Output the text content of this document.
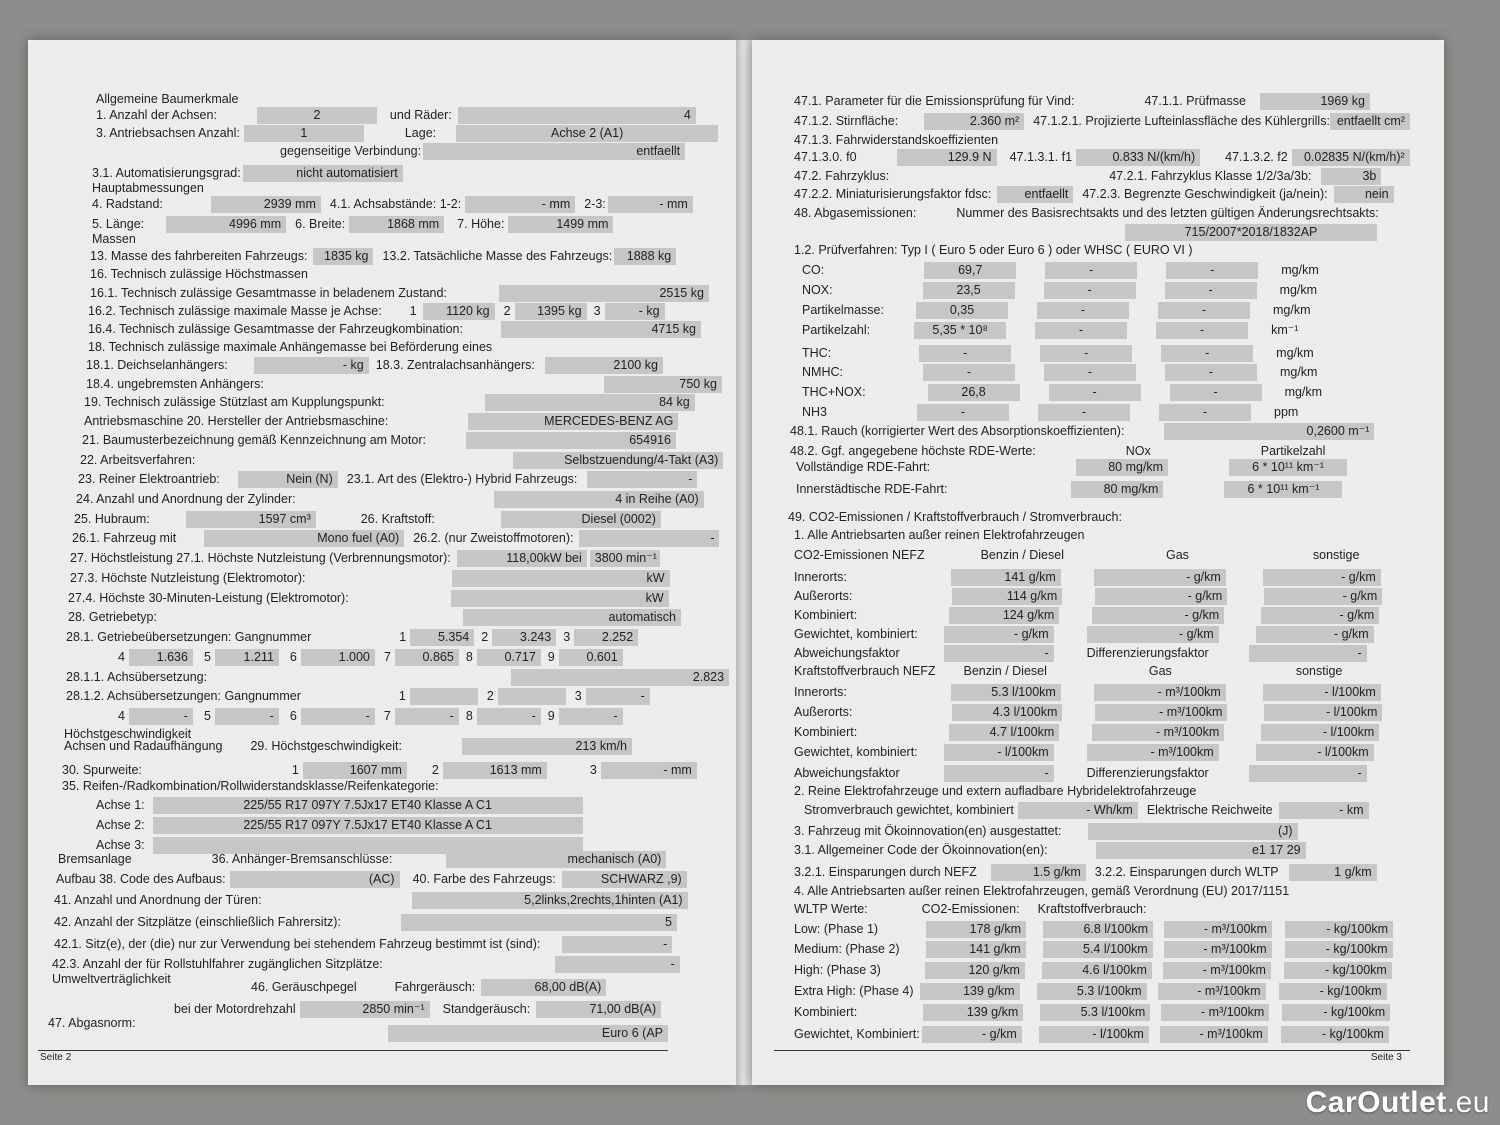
Seite 2
Allgemeine Baumerkmale
1. Anzahl der Achsen:	2	und Räder:	4
3. Antriebsachsen Anzahl:	1	Lage:	Achse 2 (A1)
gegenseitige Verbindung:	entfaellt
3.1. Automatisierungsgrad:	nicht automatisiert
Hauptabmessungen
4. Radstand:	2939 mm 4.1. Achsabstände: 1-2:	- mm 2-3:	- mm
5. Länge:	4996 mm 6. Breite:	1868 mm 7. Höhe:	1499 mm
Massen
13. Masse des fahrbereiten Fahrzeugs: 1835 kg 13.2. Tatsächliche Masse des Fahrzeugs: 1888 kg
16. Technisch zulässige Höchstmassen
16.1. Technisch zulässige Gesamtmasse in beladenem Zustand:	2515 kg
16.2. Technisch zulässige maximale Masse je Achse: 1 1120 kg 2 1395 kg 3	- kg
16.4. Technisch zulässige Gesamtmasse der Fahrzeugkombination:	4715 kg
18. Technisch zulässige maximale Anhängemasse bei Beförderung eines
18.1. Deichselanhängers:	- kg 18.3. Zentralachsanhängers:	2100 kg
18.4. ungebremsten Anhängers:	750 kg
19. Technisch zulässige Stützlast am Kupplungspunkt:	84 kg
Antriebsmaschine 20. Hersteller der Antriebsmaschine:	MERCEDES-BENZ AG
21. Baumusterbezeichnung gemäß Kennzeichnung am Motor:	654916
22. Arbeitsverfahren:	Selbstzuendung/4-Takt (A3)
23. Reiner Elektroantrieb:	Nein (N) 23.1. Art des (Elektro-) Hybrid Fahrzeugs:	-
24. Anzahl und Anordnung der Zylinder:	4 in Reihe (A0)
25. Hubraum:	1597 cm³	26. Kraftstoff:	Diesel (0002)
26.1. Fahrzeug mit	Mono fuel (A0) 26.2. (nur Zweistoffmotoren):	-
27. Höchstleistung 27.1. Höchste Nutzleistung (Verbrennungsmotor):	118,00kW bei 3800 min⁻¹
27.3. Höchste Nutzleistung (Elektromotor):	kW
27.4. Höchste 30-Minuten-Leistung (Elektromotor):	kW
28. Getriebetyp:	automatisch
28.1. Getriebeübersetzungen: Gangnummer	1	5.354 2	3.243 3	2.252
4	1.636 5	1.211 6	1.000 7	0.865 8	0.717 9	0.601
28.1.1. Achsübersetzung:	2.823
28.1.2. Achsübersetzungen: Gangnummer	1	2	3	-
4	- 5	- 6	- 7	- 8	- 9	-
Höchstgeschwindigkeit
Achsen und Radaufhängung 29. Höchstgeschwindigkeit:	213 km/h
30. Spurweite:	1	1607 mm 2	1613 mm	3	- mm
35. Reifen-/Radkombination/Rollwiderstandsklasse/Reifenkategorie:
Achse 1:	225/55 R17 097Y 7.5Jx17 ET40 Klasse A C1
Achse 2:	225/55 R17 097Y 7.5Jx17 ET40 Klasse A C1
Achse 3:
Bremsanlage	36. Anhänger-Bremsanschlüsse:	mechanisch (A0)
Aufbau 38. Code des Aufbaus:	(AC) 40. Farbe des Fahrzeugs:	SCHWARZ ,9)
41. Anzahl und Anordnung der Türen:	5,2links,2rechts,1hinten (A1)
42. Anzahl der Sitzplätze (einschließlich Fahrersitz):	5
42.1. Sitz(e), der (die) nur zur Verwendung bei stehendem Fahrzeug bestimmt ist (sind):	-
42.3. Anzahl der für Rollstuhlfahrer zugänglichen Sitzplätze:	-
Umweltverträglichkeit
46. Geräuschpegel	Fahrgeräusch:	68,00 dB(A)
bei der Motordrehzahl	2850 min⁻¹ Standgeräusch:	71,00 dB(A)
47. Abgasnorm:
Euro 6 (AP
Seite 3
47.1. Parameter für die Emissionsprüfung für Vind:	47.1.1. Prüfmasse	1969 kg
47.1.2. Stirnfläche:	2.360 m² 47.1.2.1. Projizierte Lufteinlassfläche des Kühlergrills: entfaellt cm²
47.1.3. Fahrwiderstandskoeffizienten
47.1.3.0. f0	129.9 N 47.1.3.1. f1	0.833 N/(km/h) 47.1.3.2. f2 0.02835 N/(km/h)²
47.2. Fahrzyklus:	47.2.1. Fahrzyklus Klasse 1/2/3a/3b:	3b
47.2.2. Miniaturisierungsfaktor fdsc:	entfaellt 47.2.3. Begrenzte Geschwindigkeit (ja/nein):	nein
48. Abgasemissionen:	Nummer des Basisrechtsakts und des letzten gültigen Änderungsrechtsakts:
715/2007*2018/1832AP
1.2. Prüfverfahren: Typ I ( Euro 5 oder Euro 6 ) oder WHSC ( EURO VI )
CO:	69,7	-	-	mg/km
NOX:	23,5	-	-	mg/km
Partikelmasse:	0,35	-	-	mg/km
Partikelzahl:	5,35 * 10⁸	-	-	km⁻¹
THC:	-	-	-	mg/km
NMHC:	-	-	-	mg/km
THC+NOX:	26,8	-	-	mg/km
NH3	-	-	-	ppm
48.1. Rauch (korrigierter Wert des Absorptionskoeffizienten):	0,2600 m⁻¹
48.2. Ggf. angegebene höchste RDE-Werte:	NOx	Partikelzahl
Vollständige RDE-Fahrt:	80 mg/km	6 * 10¹¹ km⁻¹
Innerstädtische RDE-Fahrt:	80 mg/km	6 * 10¹¹ km⁻¹
49. CO2-Emissionen / Kraftstoffverbrauch / Stromverbrauch:
1. Alle Antriebsarten außer reinen Elektrofahrzeugen
CO2-Emissionen NEFZ	Benzin / Diesel	Gas	sonstige
Innerorts:	141 g/km	- g/km	- g/km
Außerorts:	114 g/km	- g/km	- g/km
Kombiniert:	124 g/km	- g/km	- g/km
Gewichtet, kombiniert:	- g/km	- g/km	- g/km
Abweichungsfaktor	-	Differenzierungsfaktor	-
Kraftstoffverbrauch NEFZ Benzin / Diesel	Gas	sonstige
Innerorts:	5.3 l/100km	- m³/100km	- l/100km
Außerorts:	4.3 l/100km	- m³/100km	- l/100km
Kombiniert:	4.7 l/100km	- m³/100km	- l/100km
Gewichtet, kombiniert:	- l/100km	- m³/100km	- l/100km
Abweichungsfaktor	-	Differenzierungsfaktor	-
2. Reine Elektrofahrzeuge und extern aufladbare Hybridelektrofahrzeuge
Stromverbrauch gewichtet, kombiniert	- Wh/km Elektrische Reichweite	- km
3. Fahrzeug mit Ökoinnovation(en) ausgestattet:	(J)
3.1. Allgemeiner Code der Ökoinnovation(en):	e1 17 29
3.2.1. Einsparungen durch NEFZ	1.5 g/km 3.2.2. Einsparungen durch WLTP	1 g/km
4. Alle Antriebsarten außer reinen Elektrofahrzeugen, gemäß Verordnung (EU) 2017/1151
WLTP Werte:	CO2-Emissionen: Kraftstoffverbrauch:
Low: (Phase 1)	178 g/km	6.8 l/100km	- m³/100km	- kg/100km
Medium: (Phase 2)	141 g/km	5.4 l/100km	- m³/100km	- kg/100km
High: (Phase 3)	120 g/km	4.6 l/100km	- m³/100km	- kg/100km
Extra High: (Phase 4)	139 g/km	5.3 l/100km	- m³/100km	- kg/100km
Kombiniert:	139 g/km	5.3 l/100km	- m³/100km	- kg/100km
Gewichtet, Kombiniert:	- g/km	- l/100km	- m³/100km	- kg/100km
CarOutlet.eu
